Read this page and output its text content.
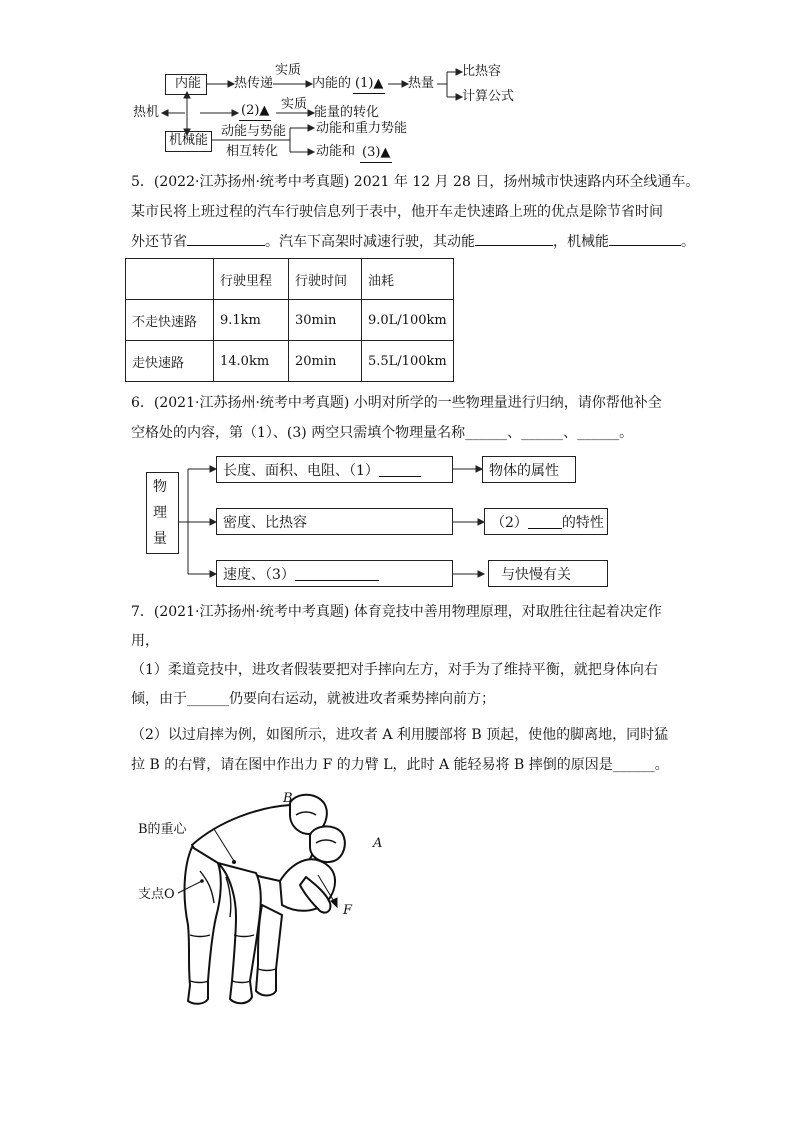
内能
机械能
热机
热传递
实质
内能的 (1)▲ 热量
比热容
计算公式
(2)▲ 实质
能量的转化
动能与势能
相互转化
动能和重力势能
动能和 (3)▲
5．(2022·江苏扬州·统考中考真题) 2021 年 12 月 28 日，扬州城市快速路内环全线通车。
某市民将上班过程的汽车行驶信息列于表中，他开车走快速路上班的优点是除节省时间
外还节省	。汽车下高架时减速行驶，其动能	，机械能	。
	行驶里程	行驶时间	油耗
不走快速路	9.1km	30min	9.0L/100km
走快速路	14.0km	20min	5.5L/100km
6．(2021·江苏扬州·统考中考真题) 小明对所学的一些物理量进行归纳，请你帮他补全
空格处的内容，第（1）、(3) 两空只需填个物理量名称______、______、______。
物
理
量
长度、面积、电阻、（1）	物体的属性
密度、比热容	（2） 的特性
速度、（3）	与快慢有关
7．(2021·江苏扬州·统考中考真题) 体育竞技中善用物理原理，对取胜往往起着决定作
用，
（1）柔道竞技中，进攻者假装要把对手摔向左方，对手为了维持平衡，就把身体向右
倾，由于______仍要向右运动，就被进攻者乘势摔向前方；
（2）以过肩摔为例，如图所示，进攻者 A 利用腰部将 B 顶起，使他的脚离地，同时猛
拉 B 的右臂，请在图中作出力 F 的力臂 L，此时 A 能轻易将 B 摔倒的原因是______。
B
A
F
B的重心
支点O
